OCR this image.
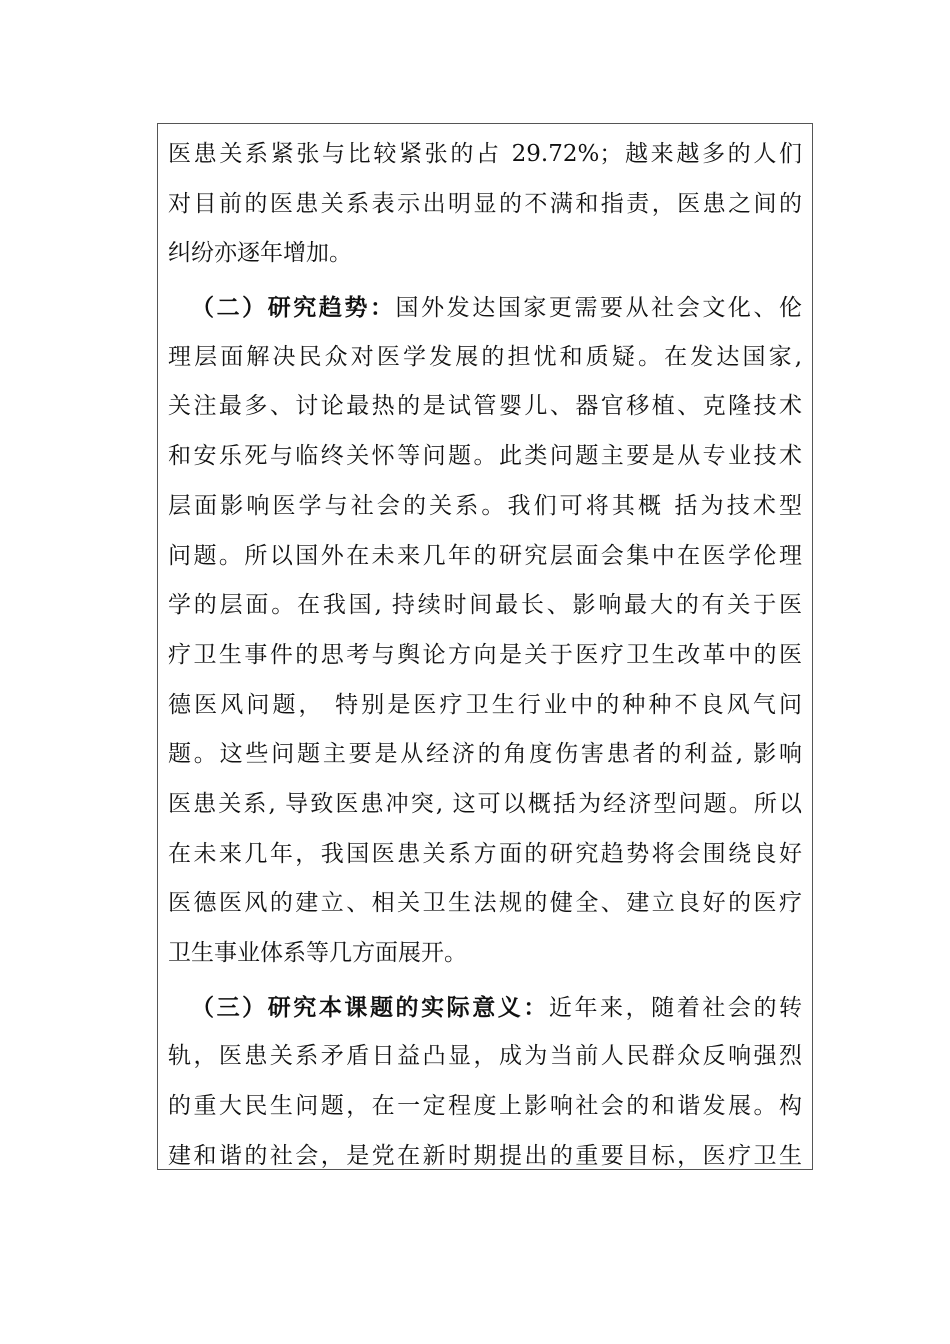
医患关系紧张与比较紧张的占 29.72%；越来越多的人们
对目前的医患关系表示出明显的不满和指责，医患之间的
纠纷亦逐年增加。
（二）研究趋势：国外发达国家更需要从社会文化、伦
理层面解决民众对医学发展的担忧和质疑。在发达国家,
关注最多、讨论最热的是试管婴儿、器官移植、克隆技术
和安乐死与临终关怀等问题。此类问题主要是从专业技术
层面影响医学与社会的关系。我们可将其概 括为技术型
问题。所以国外在未来几年的研究层面会集中在医学伦理
学的层面。在我国, 持续时间最长、影响最大的有关于医
疗卫生事件的思考与舆论方向是关于医疗卫生改革中的医
德医风问题， 特别是医疗卫生行业中的种种不良风气问
题。这些问题主要是从经济的角度伤害患者的利益, 影响
医患关系, 导致医患冲突, 这可以概括为经济型问题。所以
在未来几年，我国医患关系方面的研究趋势将会围绕良好
医德医风的建立、相关卫生法规的健全、建立良好的医疗
卫生事业体系等几方面展开。
（三）研究本课题的实际意义：近年来，随着社会的转
轨，医患关系矛盾日益凸显，成为当前人民群众反响强烈
的重大民生问题，在一定程度上影响社会的和谐发展。构
建和谐的社会，是党在新时期提出的重要目标，医疗卫生
